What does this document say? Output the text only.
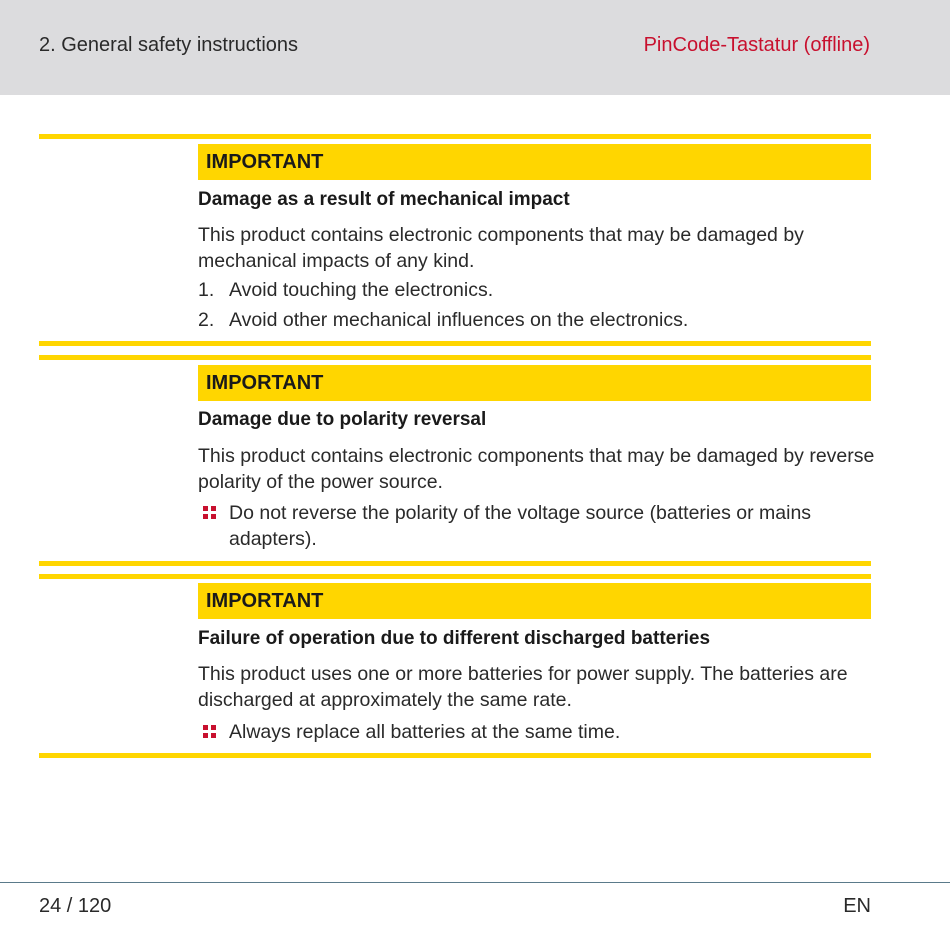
2. General safety instructions	PinCode-Tastatur (offline)
IMPORTANT
Damage as a result of mechanical impact
This product contains electronic components that may be damaged by mechanical impacts of any kind.
1. Avoid touching the electronics.
2. Avoid other mechanical influences on the electronics.
IMPORTANT
Damage due to polarity reversal
This product contains electronic components that may be damaged by reverse polarity of the power source.
Do not reverse the polarity of the voltage source (batteries or mains adapters).
IMPORTANT
Failure of operation due to different discharged batteries
This product uses one or more batteries for power supply. The batteries are discharged at approximately the same rate.
Always replace all batteries at the same time.
24 / 120	EN
